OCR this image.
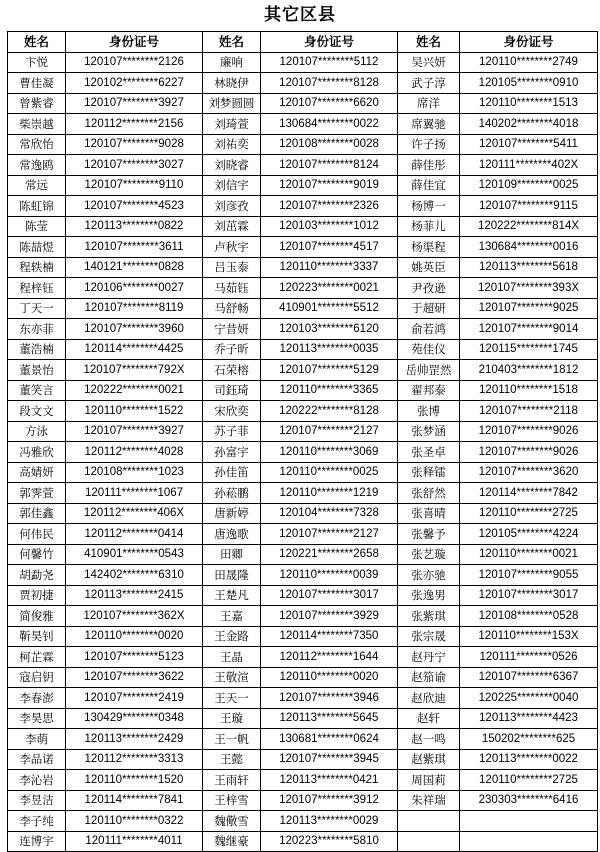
其它区县
姓名	身份证号	姓名	身份证号	姓名	身份证号
卞悦	120107********2126	廉响	120107********5112	吴兴妍	120110********2749
曹佳凝	120102********6227	林晓伊	120107********8128	武子淳	120105********0910
曾紫睿	120107********3927	刘梦圆圆	120107********6620	席洋	120110********1513
柴崇越	120112********2156	刘琦萱	130684********0022	席翼驰	140202********4018
常欣怡	120107********9028	刘祐奕	120108********0028	许子扬	120107********5411
常逸鸥	120107********3027	刘晓睿	120107********8124	薛佳彤	120111********402X
常远	120107********9110	刘信宇	120107********9019	薛佳宜	120109********0025
陈虹锦	120107********4523	刘彦孜	120107********2326	杨博一	120107********9115
陈莹	120113********0822	刘茁霖	120103********1012	杨菲儿	120222********814X
陈喆煜	120107********3611	卢秋宇	120107********4517	杨渠程	130684********0016
程轶楠	140121********0828	吕玉泰	120110********3337	姚英臣	120113********5618
程梓钰	120106********0027	马茹钰	120223********0021	尹孜逊	120107********393X
丁天一	120107********8119	马舒畅	410901********5512	于超研	120107********9025
东亦菲	120107********3960	宁昔妍	120103********6120	俞若鸿	120107********9014
董浩楠	120114********4425	乔子昕	120113********0035	苑佳仪	120115********1745
董景怡	120107********792X	石荣榕	120107********5129	岳帅罡然	210403********1812
董笑言	120222********0021	司鈺琦	120110********3365	翟邦泰	120110********1518
段文文	120110********1522	宋欣奕	120222********8128	张博	120107********2118
方泳	120107********3927	苏子菲	120107********2127	张梦涵	120107********9026
冯雅欣	120112********4028	孙富宇	120110********3069	张圣卓	120107********9026
高婧妍	120108********1023	孙佳笛	120110********0025	张释镭	120107********3620
郭霁萱	120111********1067	孙菘鹏	120110********1219	张舒然	120114********7842
郭佳鑫	120112********406X	唐新婷	120104********7328	张喜晴	120110********2725
何伟民	120112********0414	唐逸歌	120107********2127	张馨予	120105********4224
何馨竹	410901********0543	田卿	120221********2658	张艺璇	120110********0021
胡勐尧	142402********6310	田晟隆	120110********0039	张亦驰	120107********9055
贾初捷	120113********2415	王楚凡	120107********3017	张逸男	120107********3017
简俊雅	120107********362X	王嘉	120107********3929	张紫琪	120108********0528
靳昊钊	120110********0020	王金路	120114********7350	张宗晟	120110********153X
柯芷霖	120107********5123	王晶	120112********1644	赵丹宁	120111********0526
寇启钥	120107********3622	王敬渲	120110********0020	赵笳谕	120107********6367
李春澎	120107********2419	王天一	120107********3946	赵欣迪	120225********0040
李昊思	130429********0348	王璇	120113********5645	赵轩	120113********4423
李萌	120113********2429	王一帆	130681********0624	赵一鸣	150202********625
李品诺	120112********3313	王懿	120107********3945	赵紫琪	120113********0022
李沁岩	120110********1520	王雨轩	120113********0421	周国莉	120110********2725
李昱洁	120114********7841	王梓雪	120107********3912	朱祥瑞	230303********6416
李子纯	120110********0322	魏儆雪	120113********0029		
连博宇	120111********4011	魏继豪	120223********5810		
